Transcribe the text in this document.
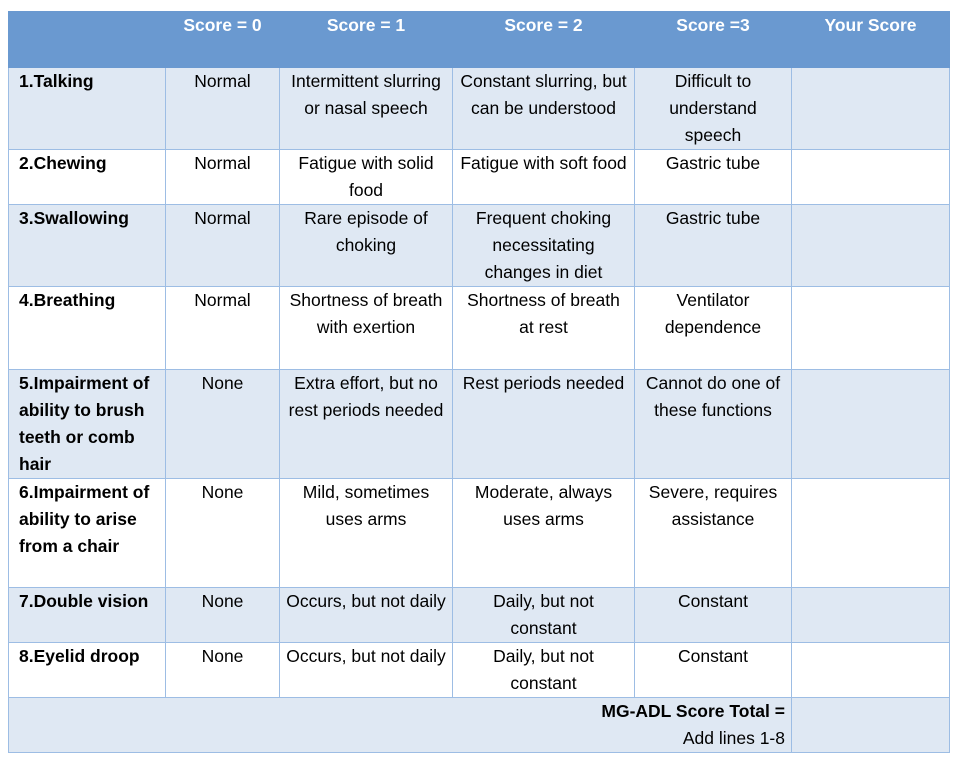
	Score = 0	Score = 1	Score = 2	Score =3	Your Score
1.Talking	Normal	Intermittent slurring or nasal speech	Constant slurring, but can be understood	Difficult to understand speech	
2.Chewing	Normal	Fatigue with solid food	Fatigue with soft food	Gastric tube	
3.Swallowing	Normal	Rare episode of choking	Frequent choking necessitating changes in diet	Gastric tube	
4.Breathing	Normal	Shortness of breath with exertion	Shortness of breath at rest	Ventilator dependence	
5.Impairment of ability to brush teeth or comb hair	None	Extra effort, but no rest periods needed	Rest periods needed	Cannot do one of these functions	
6.Impairment of ability to arise from a chair	None	Mild, sometimes uses arms	Moderate, always uses arms	Severe, requires assistance	
7.Double vision	None	Occurs, but not daily	Daily, but not constant	Constant	
8.Eyelid droop	None	Occurs, but not daily	Daily, but not constant	Constant	

MG-ADL Score Total =
Add lines 1-8					
